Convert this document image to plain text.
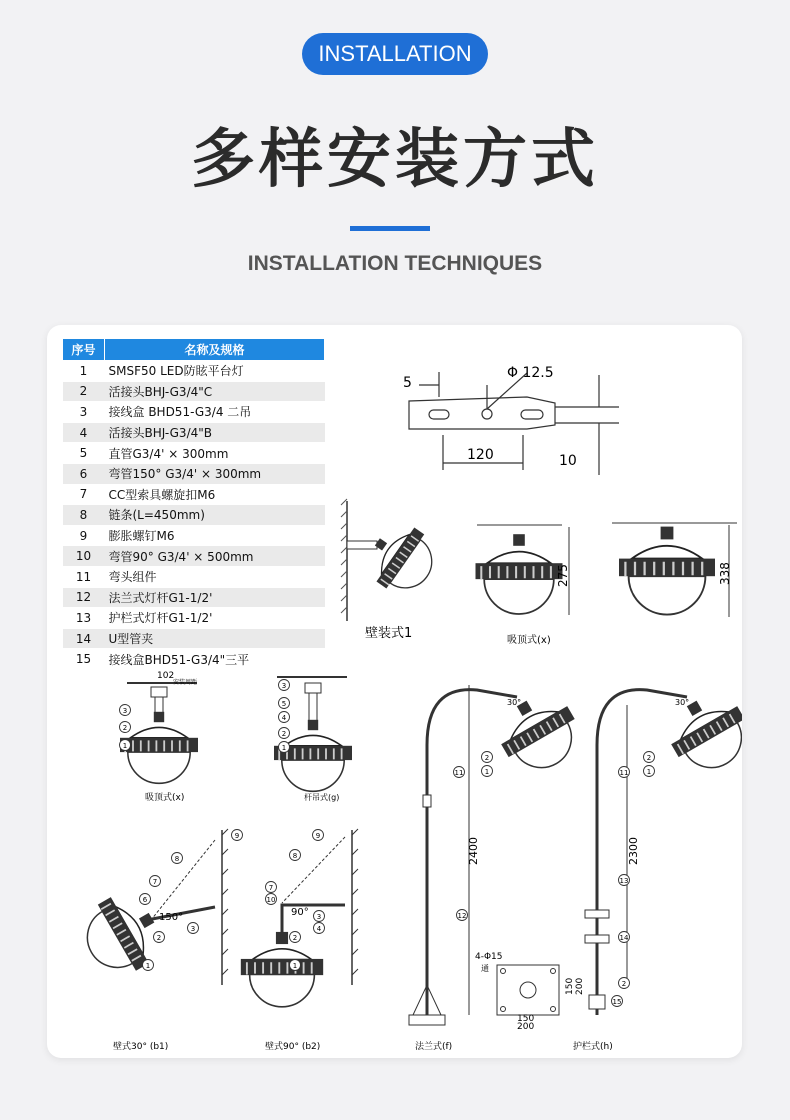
INSTALLATION
多样安装方式
INSTALLATION TECHNIQUES
序号	名称及规格
1	SMSF50 LED防眩平台灯
2	活接头BHJ-G3/4"C
3	接线盒 BHD51-G3/4 二吊
4	活接头BHJ-G3/4"B
5	直管G3/4' × 300mm
6	弯管150° G3/4' × 300mm
7	CC型索具螺旋扣M6
8	链条(L=450mm)
9	膨胀螺钉M6
10	弯管90° G3/4' × 500mm
11	弯头组件
12	法兰式灯杆G1-1/2'
13	护栏式灯杆G1-1/2'
14	U型管夹
15	接线盒BHD51-G3/4"三平
Φ 12.5
5
120	10
壁装式1
275
吸顶式(x)
338
102
安装周距
吸顶式(x)	杆吊式(g)
150°
壁式30° (b1)
90°
壁式90° (b2)
2400
30°
法兰式(f)
4-Φ15
通
150 200
150
200
2300
30°
护栏式(h)
3
2
1
3
5
4
2
1
9
8
7
6
3
2
1
9
8
7
10
3
4
2
1
2
1
11
12
2
1
11
13
14
2
15
